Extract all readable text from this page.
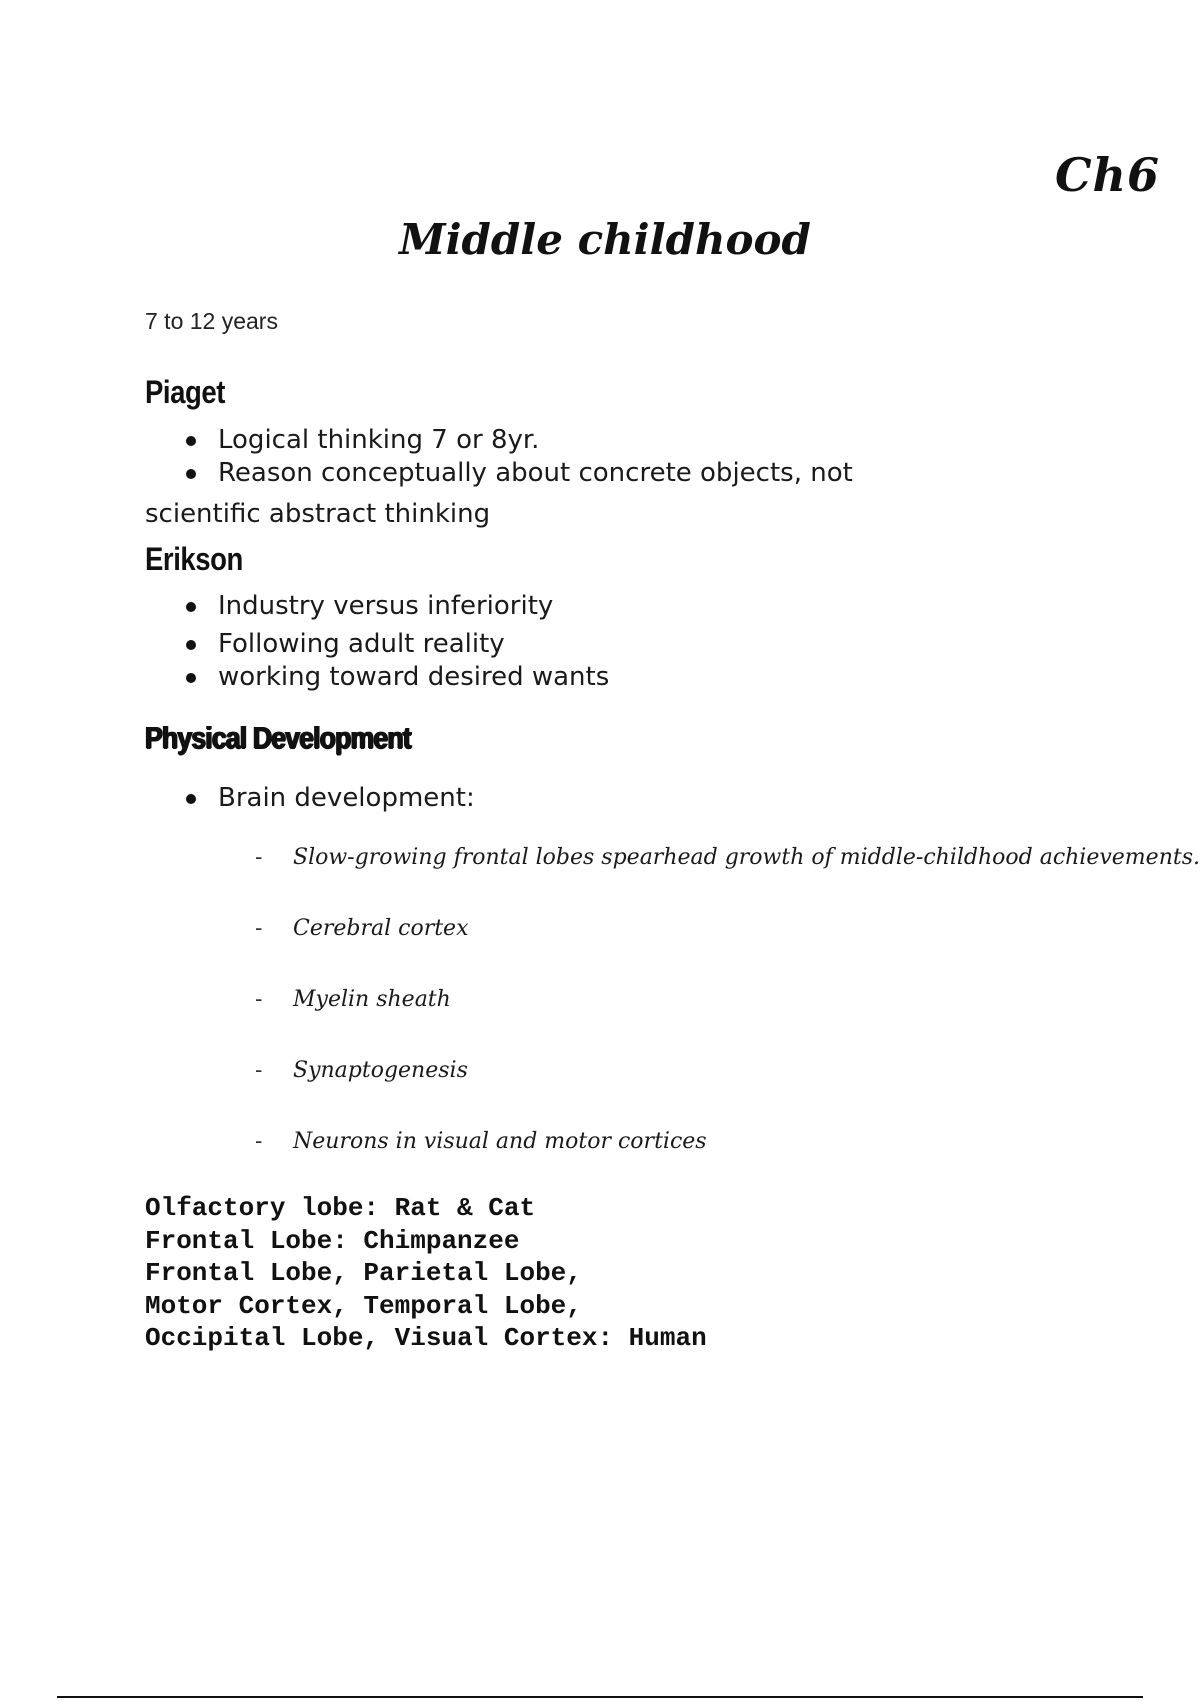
Ch6
Middle childhood
7 to 12 years
Piaget
Logical thinking 7 or 8yr.
Reason conceptually about concrete objects, not
scientific abstract thinking
Erikson
Industry versus inferiority
Following adult reality
working toward desired wants
Physical Development
Brain development:
- Slow-growing frontal lobes spearhead growth of middle-childhood achievements.
- Cerebral cortex
- Myelin sheath
- Synaptogenesis
- Neurons in visual and motor cortices
Olfactory lobe: Rat & Cat
Frontal Lobe: Chimpanzee
Frontal Lobe, Parietal Lobe,
Motor Cortex, Temporal Lobe,
Occipital Lobe, Visual Cortex: Human
